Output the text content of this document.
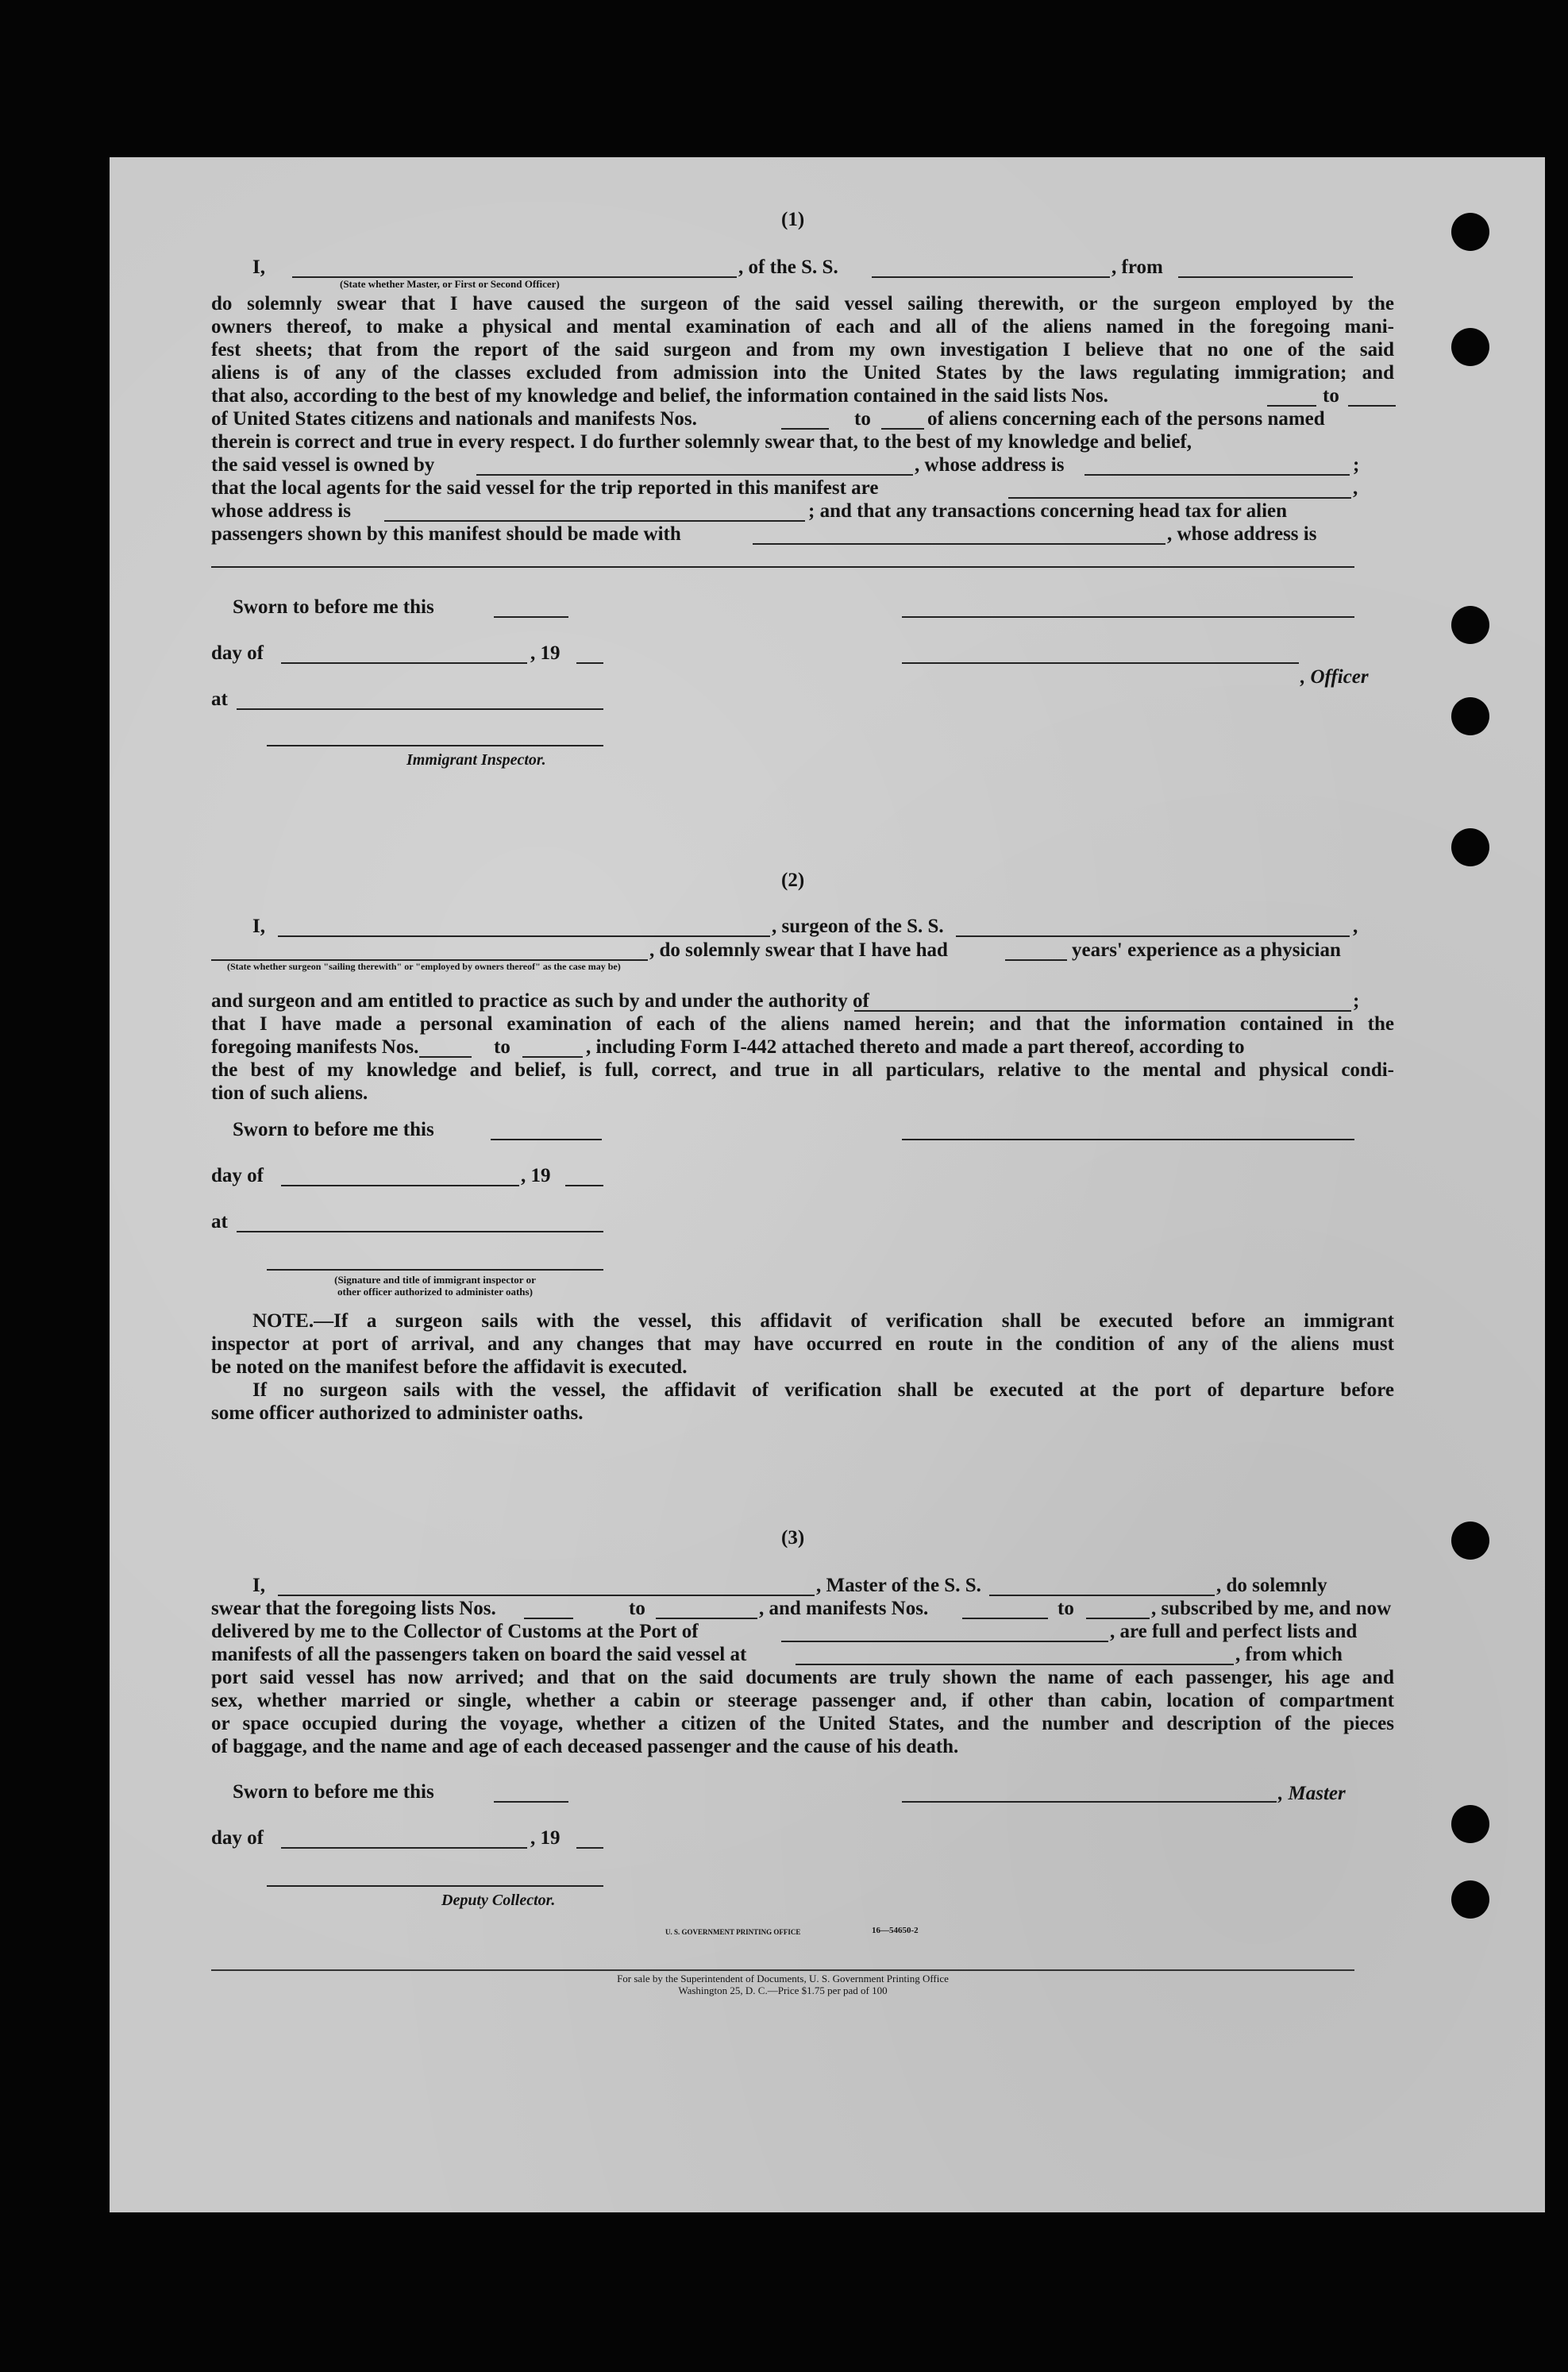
(1)
I,
(State whether Master, or First or Second Officer)
, of the S. S.	, from
do solemnly swear that I have caused the surgeon of the said vessel sailing therewith, or the surgeon employed by the
owners thereof, to make a physical and mental examination of each and all of the aliens named in the foregoing mani-
fest sheets; that from the report of the said surgeon and from my own investigation I believe that no one of the said
aliens is of any of the classes excluded from admission into the United States by the laws regulating immigration; and
that also, according to the best of my knowledge and belief, the information contained in the said lists Nos.	to
of United States citizens and nationals and manifests Nos.	to	of aliens concerning each of the persons named
therein is correct and true in every respect. I do further solemnly swear that, to the best of my knowledge and belief,
the said vessel is owned by	, whose address is	;
that the local agents for the said vessel for the trip reported in this manifest are	,
whose address is	; and that any transactions concerning head tax for alien
passengers shown by this manifest should be made with	, whose address is
Sworn to before me this
day of	, 19
, Officer
at
Immigrant Inspector.
(2)
I,	, surgeon of the S. S.	,
(State whether surgeon "sailing therewith" or "employed by owners thereof" as the case may be)
, do solemnly swear that I have had	years' experience as a physician
and surgeon and am entitled to practice as such by and under the authority of	;
that I have made a personal examination of each of the aliens named herein; and that the information contained in the
foregoing manifests Nos.	to	, including Form I-442 attached thereto and made a part thereof, according to
the best of my knowledge and belief, is full, correct, and true in all particulars, relative to the mental and physical condi-
tion of such aliens.
Sworn to before me this
day of	, 19
at
(Signature and title of immigrant inspector or
other officer authorized to administer oaths)
NOTE.—If a surgeon sails with the vessel, this affidavit of verification shall be executed before an immigrant
inspector at port of arrival, and any changes that may have occurred en route in the condition of any of the aliens must
be noted on the manifest before the affidavit is executed.
If no surgeon sails with the vessel, the affidavit of verification shall be executed at the port of departure before
some officer authorized to administer oaths.
(3)
I,	, Master of the S. S.	, do solemnly
swear that the foregoing lists Nos.	to	, and manifests Nos.	to	, subscribed by me, and now
delivered by me to the Collector of Customs at the Port of	, are full and perfect lists and
manifests of all the passengers taken on board the said vessel at	, from which
port said vessel has now arrived; and that on the said documents are truly shown the name of each passenger, his age and
sex, whether married or single, whether a cabin or steerage passenger and, if other than cabin, location of compartment
or space occupied during the voyage, whether a citizen of the United States, and the number and description of the pieces
of baggage, and the name and age of each deceased passenger and the cause of his death.
Sworn to before me this	, Master
day of	, 19
Deputy Collector.
U. S. GOVERNMENT PRINTING OFFICE	16—54650-2
For sale by the Superintendent of Documents, U. S. Government Printing Office
Washington 25, D. C.—Price $1.75 per pad of 100
